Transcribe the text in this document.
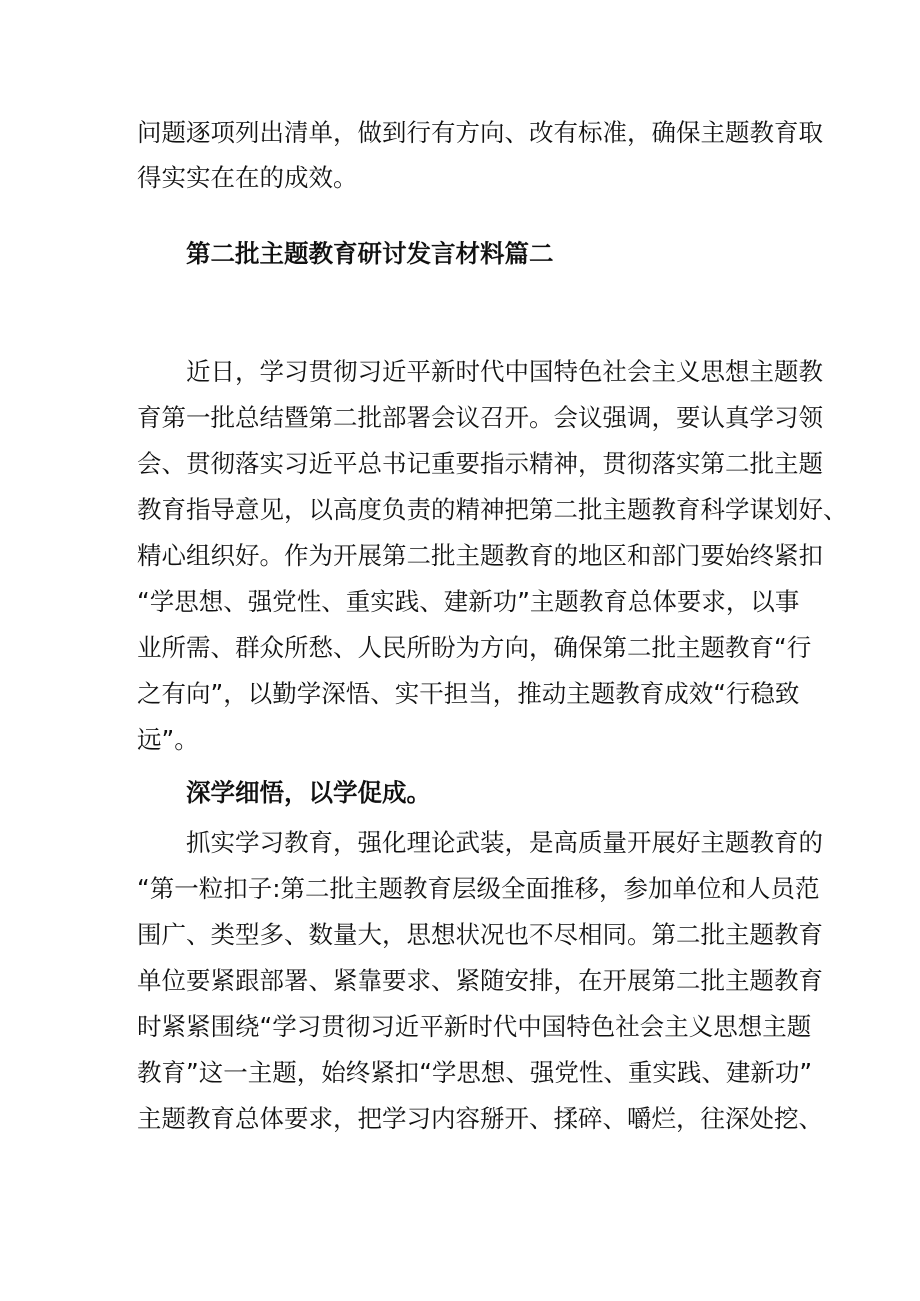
问题逐项列出清单，做到行有方向、改有标准，确保主题教育取
得实实在在的成效。
第二批主题教育研讨发言材料篇二
近日，学习贯彻习近平新时代中国特色社会主义思想主题教
育第一批总结暨第二批部署会议召开。会议强调，要认真学习领
会、贯彻落实习近平总书记重要指示精神，贯彻落实第二批主题
教育指导意见，以高度负责的精神把第二批主题教育科学谋划好、
精心组织好。作为开展第二批主题教育的地区和部门要始终紧扣
“学思想、强党性、重实践、建新功”主题教育总体要求，以事
业所需、群众所愁、人民所盼为方向，确保第二批主题教育“行
之有向”，以勤学深悟、实干担当，推动主题教育成效“行稳致
远”。
深学细悟，以学促成。
抓实学习教育，强化理论武装，是高质量开展好主题教育的
“第一粒扣子:第二批主题教育层级全面推移，参加单位和人员范
围广、类型多、数量大，思想状况也不尽相同。第二批主题教育
单位要紧跟部署、紧靠要求、紧随安排，在开展第二批主题教育
时紧紧围绕“学习贯彻习近平新时代中国特色社会主义思想主题
教育”这一主题，始终紧扣“学思想、强党性、重实践、建新功”
主题教育总体要求，把学习内容掰开、揉碎、嚼烂，往深处挖、
